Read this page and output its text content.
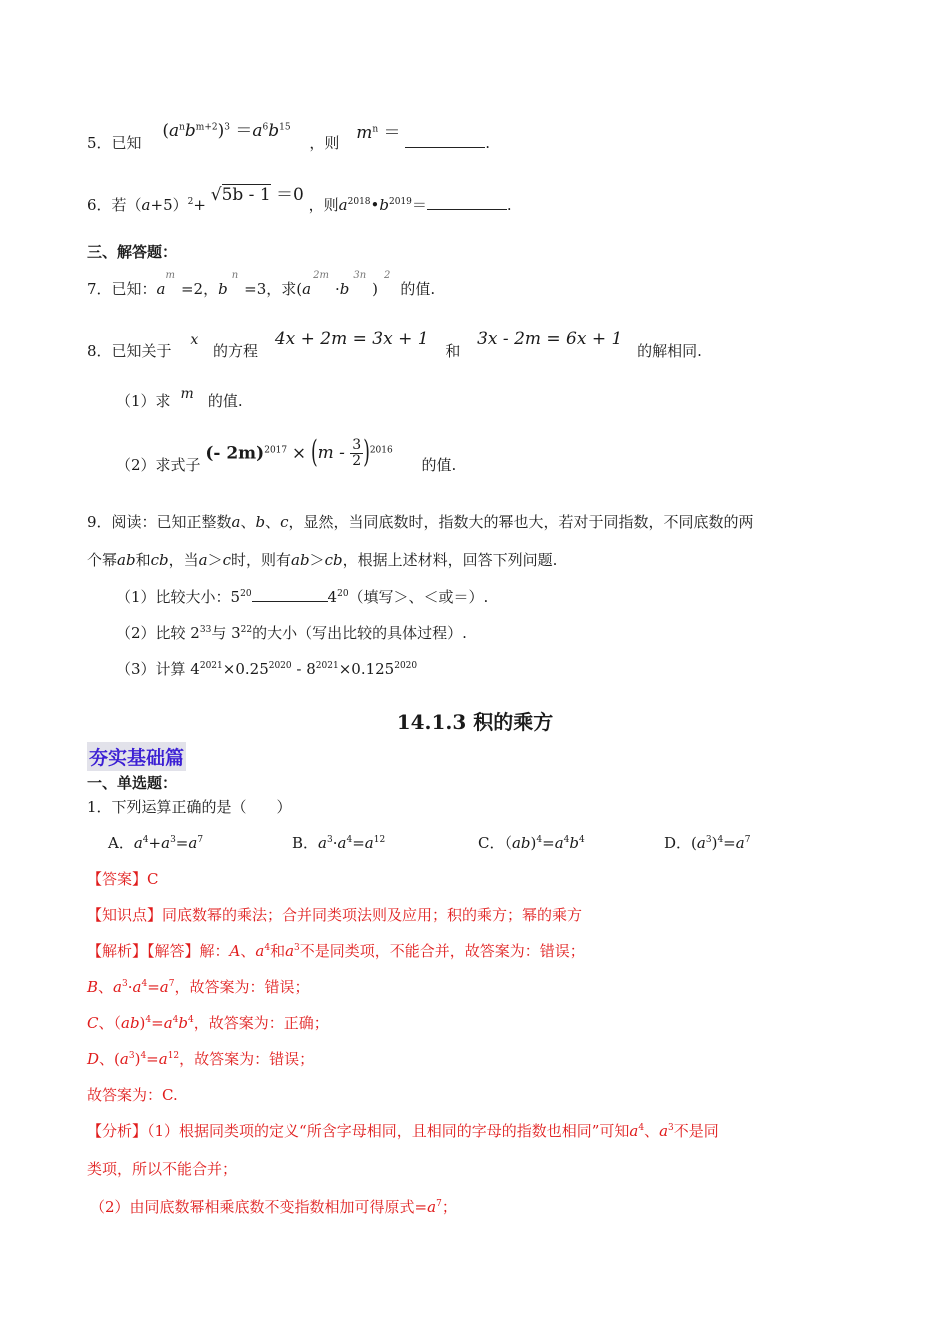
5．已知 $(a^nb^{m+2})^3 =a^6b^{15}$ ，则 $m^n$ ＝	.
6．若$(a+5)^2+ √5b - 1 =0$ ，则$a^{2018}•b^{2019}=$	.
三、解答题：
7．已知：$a^m=2$，$b^n=3$，求$(a^{2m}\cdot b^{3n})^2$的值.
8．已知关于 x 的方程 4x + 2m = 3x + 1 和 3x - 2m = 6x + 1 的解相同.
（1）求 m 的值.
（2）求式子 (- $2m)^{2017} \times (m - \frac{3}{2} )^{2016}$ 的值.
9．阅读：已知正整数a、b、c，显然，当同底数时，指数大的幂也大，若对于同指数，不同底数的两
个幂ab和cb，当a＞c时，则有ab＞cb，根据上述材料，回答下列问题.
（1）比较大小：$5^{20}$	$4^{20}$（填写＞、＜或＝）.
（2）比较 $2^{33}$与 $3^{22}$的大小（写出比较的具体过程）.
（3）计算 $4^{2021}\times 0.25^{2020} - 8^{2021}\times 0.125^{2020}$
14.1.3 积的乘方
夯实基础篇
一、单选题：
1．下列运算正确的是（　　）
A．$a^4+a^3=a^7$	B．$a^3\cdot a^4=a^{12}$	C．$(ab)^4=a^4b^4$	D．$(a^3)^4=a^7$
【答案】C
【知识点】同底数幂的乘法；合并同类项法则及应用；积的乘方；幂的乘方
【解析】【解答】解：A、$a^4$和$a^3$不是同类项，不能合并，故答案为：错误；
B、$a^3\cdot a^4=a^7$，故答案为：错误；
C、$(ab)^4=a^4b^4$，故答案为：正确；
D、$(a^3)^4=a^{12}$，故答案为：错误；
故答案为：C.
【分析】（1）根据同类项的定义“所含字母相同，且相同的字母的指数也相同”可知$a^4$、$a^3$不是同
类项，所以不能合并；
（2）由同底数幂相乘底数不变指数相加可得原式$=a^7$；
